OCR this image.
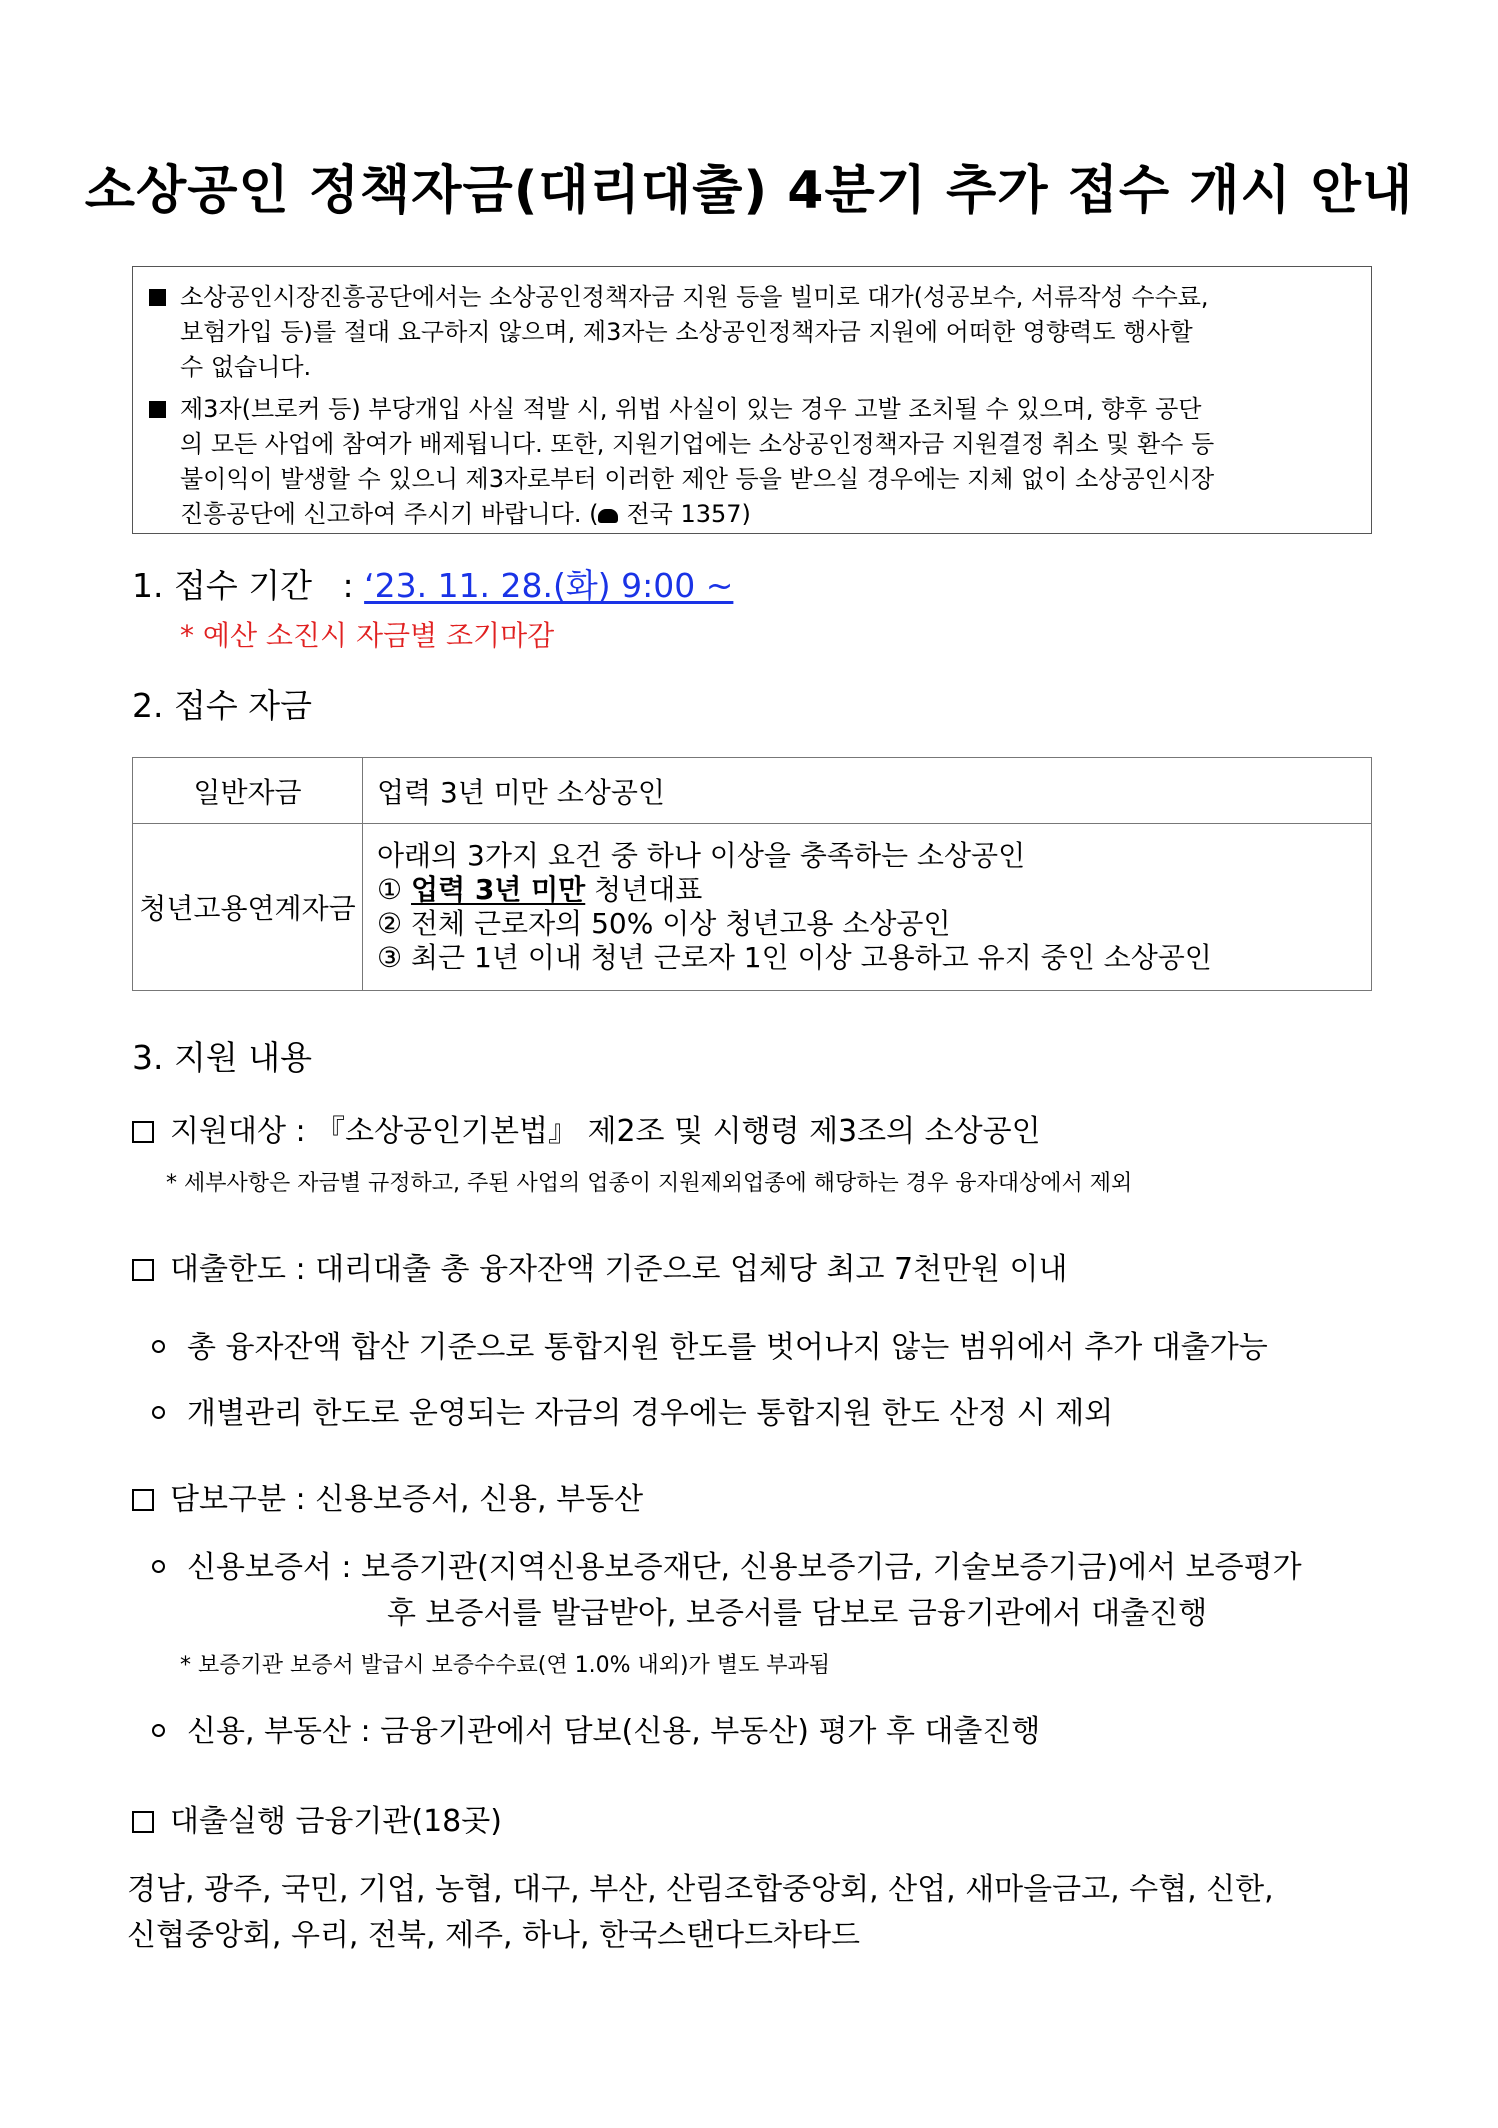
소상공인 정책자금(대리대출) 4분기 추가 접수 개시 안내
소상공인시장진흥공단에서는 소상공인정책자금 지원 등을 빌미로 대가(성공보수, 서류작성 수수료,
보험가입 등)를 절대 요구하지 않으며, 제3자는 소상공인정책자금 지원에 어떠한 영향력도 행사할
수 없습니다.
제3자(브로커 등) 부당개입 사실 적발 시, 위법 사실이 있는 경우 고발 조치될 수 있으며, 향후 공단
의 모든 사업에 참여가 배제됩니다. 또한, 지원기업에는 소상공인정책자금 지원결정 취소 및 환수 등
불이익이 발생할 수 있으니 제3자로부터 이러한 제안 등을 받으실 경우에는 지체 없이 소상공인시장
진흥공단에 신고하여 주시기 바랍니다. ( 전국 1357)
1. 접수 기간 : ‘23. 11. 28.(화) 9:00 ~
* 예산 소진시 자금별 조기마감
2. 접수 자금
일반자금	업력 3년 미만 소상공인
청년고용연계자금	아래의 3가지 요건 중 하나 이상을 충족하는 소상공인
① 업력 3년 미만 청년대표
② 전체 근로자의 50% 이상 청년고용 소상공인
③ 최근 1년 이내 청년 근로자 1인 이상 고용하고 유지 중인 소상공인
3. 지원 내용
지원대상 : 『소상공인기본법』 제2조 및 시행령 제3조의 소상공인
* 세부사항은 자금별 규정하고, 주된 사업의 업종이 지원제외업종에 해당하는 경우 융자대상에서 제외
대출한도 : 대리대출 총 융자잔액 기준으로 업체당 최고 7천만원 이내
총 융자잔액 합산 기준으로 통합지원 한도를 벗어나지 않는 범위에서 추가 대출가능
개별관리 한도로 운영되는 자금의 경우에는 통합지원 한도 산정 시 제외
담보구분 : 신용보증서, 신용, 부동산
신용보증서 : 보증기관(지역신용보증재단, 신용보증기금, 기술보증기금)에서 보증평가
후 보증서를 발급받아, 보증서를 담보로 금융기관에서 대출진행
* 보증기관 보증서 발급시 보증수수료(연 1.0% 내외)가 별도 부과됨
신용, 부동산 : 금융기관에서 담보(신용, 부동산) 평가 후 대출진행
대출실행 금융기관(18곳)
경남, 광주, 국민, 기업, 농협, 대구, 부산, 산림조합중앙회, 산업, 새마을금고, 수협, 신한,
신협중앙회, 우리, 전북, 제주, 하나, 한국스탠다드차타드
